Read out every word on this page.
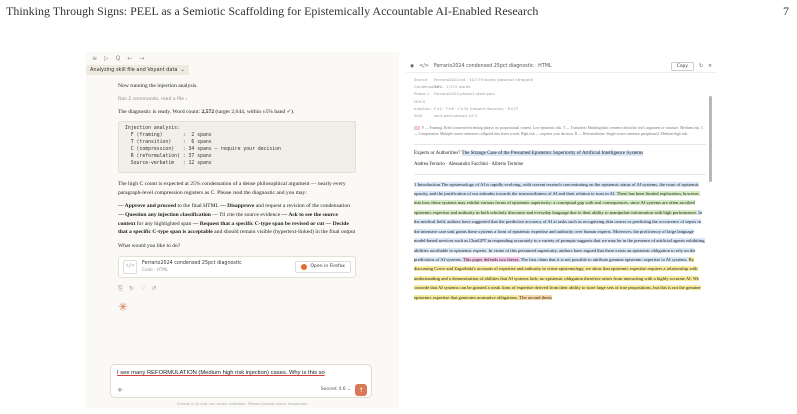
Thinking Through Signs: PEEL as a Semiotic Scaffolding for Epistemically Accountable AI-Enabled Research	7
≡ ▷ Q ← →
Analyzing skill file and Voyant data ⌄

Now running the injection analysis.

Ran 2 commands, read a file ›

The diagnostic is ready. Word count: 2,572 (target 2,644, within ±5% band ✓).

Injection analysis:
F (framing)       :  2 spans
T (transition)    :  6 spans
C (compression)   : 34 spans — require your decision
R (reformulation) : 37 spans
Source-verbatim   : 12 spans

The high C count is expected at 25% condensation of a dense philosophical argument — nearly every paragraph-level compression registers as C. Please read the diagnostic and you may:

— Approve and proceed to the final HTML — Disapprove and request a revision of the condensation — Question any injection classification — I'll cite the source evidence — Ask to see the source context for any highlighted span — Request that a specific C-type span be revised or cut — Decide that a specific C-type span is acceptable and should remain visible (hypertext-linked) in the final output

What would you like to do?

</>	Ferrario2024 condensed 25pct diagnostic
Code · HTML
Open in Firefox
⎘ ↻ ♡ ↺
✳
I see many REFORMULATION (Medium high risk injection) cases. Why is this so
+	Sonnet 4.6 ⌄	↑
Claude is AI and can make mistakes. Please double-check responses.
◉ </> Ferrario2024 condensed 25pct diagnostic · HTML	Copy	↻ ✕
Source	Ferrario2024.txt · 10,579 words (abstract stripped)
Condensation
25% · 2,572 words
Phase 1 DOCS
Ferrario2024-phase1-store.json
Injection F×2 · T×6 · C×34 (require decision) · R×37
Skill	serv-peel-phase1-v3.1
F — Framing: Brief connective/orienting phrase, no propositional content. Low epistemic risk. T — Transition: Metalinguistic sentence about the text's argument or structure. Medium risk. C — Compression: Multiple source sentences collapsed into fewer words. High risk — requires your decision. R — Reformulation: Single source sentence paraphrased. Medium-high risk.
Experts or Authorities? The Strange Case of the Presumed Epistemic Superiority of Artificial Intelligence Systems
Andrea Ferrario · Alessandro Facchini · Alberto Termine
1 Introduction The epistemology of AI is rapidly evolving, with current research concentrating on the epistemic status of AI systems, the issue of epistemic opacity, and the justification of our attitudes towards the trustworthiness of AI and their relation to trust in AI. There has been limited exploration, however, into how these systems may exhibit various forms of epistemic superiority: a conceptual gap with real consequences, since AI systems are often ascribed epistemic expertise and authority in both scholarly discourse and everyday language due to their ability to manipulate information with high performance. In the medical field, authors have suggested that the predictive accuracy of AI at tasks such as recognizing skin cancer or predicting the occurrence of sepsis in the intensive care unit grants these systems a form of epistemic expertise and authority over human experts. Moreover, the proficiency of large language model-based services such as ChatGPT in responding accurately to a variety of prompts suggests that we may be in the presence of artificial agents exhibiting abilities ascribable to epistemic experts. In virtue of this presumed superiority, authors have argued that there exists an epistemic obligation to rely on the predictions of AI systems. This paper defends two theses. The first claim that it is not possible to attribute genuine epistemic expertise to AI systems. By discussing Croce and Zagzebski's accounts of expertise and authority in virtue epistemology, we show that epistemic expertise requires a relationship with understanding and a demonstration of abilities that AI systems lack; no epistemic obligation therefore arises from interacting with a highly accurate AI. We concede that AI systems can be granted a weak form of expertise derived from their ability to store large sets of true propositions, but this is not the genuine epistemic expertise that generates normative obligations. The second thesis
